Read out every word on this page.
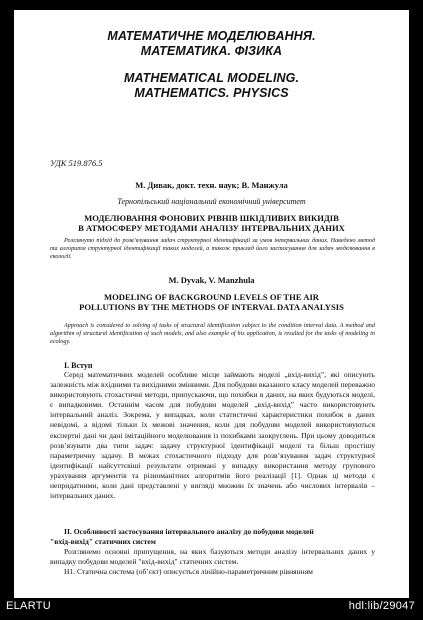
МАТЕМАТИЧНЕ МОДЕЛЮВАННЯ.
МАТЕМАТИКА. ФІЗИКА
MATHEMATICAL MODELING.
MATHEMATICS. PHYSICS
УДК 519.876.5
М. Дивак, докт. техн. наук; В. Манжула
Тернопільський національний економічний університет
МОДЕЛЮВАННЯ ФОНОВИХ РІВНІВ ШКІДЛИВИХ ВИКИДІВ
В АТМОСФЕРУ МЕТОДАМИ АНАЛІЗУ ІНТЕРВАЛЬНИХ ДАНИХ
Розглянуто підхід до розв’язування задач структурної ідентифікації за умов інтервальних даних. Наведено метод та алгоритм структурної ідентифікації таких моделей, а також приклад його застосування для задач моделювання в екології.
M. Dyvak, V. Manzhula
MODELING OF BACKGROUND LEVELS OF THE AIR
POLLUTIONS BY THE METHODS OF INTERVAL DATA ANALYSIS
Approach is considered to solving of tasks of structural identification subject to the condition interval data. A method and algorithm of structural identification of such models, and also example of his application, is resulted for the tasks of modeling in ecology.
І. Вступ
Серед математичних моделей особливе місце займають моделі „вхід-вихід”, які описують залежність між вхідними та вихідними змінними. Для побудови вказаного класу моделей переважно використовують стохастичні методи, припускаючи, що похибки в даних, на яких будуються моделі, є випадковими. Останнім часом для побудови моделей „вхід-вихід” часто використовують інтервальний аналіз. Зокрема, у випадках, коли статистичні характеристики похибок в даних невідомі, а відомі тільки їх межові значення, коли для побудови моделей використовуються експертні дані чи дані імітаційного моделювання із похибками заокруглень. При цьому доводиться розв’язувати два типи задач: задачу структурної ідентифікації моделі та більш простішу параметричну задачу. В межах стохастичного підходу для розв’язування задач структурної ідентифікації найсуттєвіші результати отримані у випадку використання методу групового урахування аргументів та різноманітних алгоритмів його реалізації [1]. Однак ці методи є непридатними, коли дані представлені у вигляді множин їх значень або числових інтервалів – інтервальних даних.
ІІ. Особливості застосування інтервального аналізу до побудови моделей
"вхід-вихід" статичних систем
Розглянемо основні припущення, на яких базуються методи аналізу інтервальних даних у випадку побудови моделей "вхід-вихід" статичних систем.
Н1. Статична система (об’єкт) описується лінійно-параметричним рівнянням
ELARTU	hdl:lib/29047
